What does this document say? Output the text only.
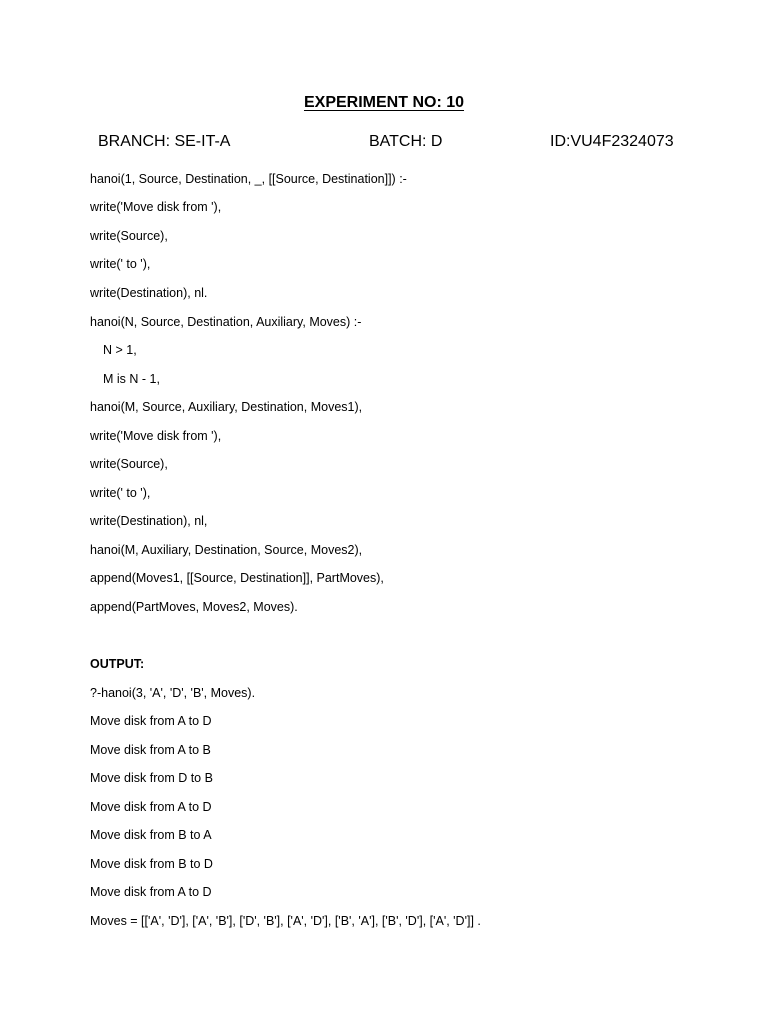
EXPERIMENT NO: 10
BRANCH: SE-IT-A	BATCH: D	ID:VU4F2324073
hanoi(1, Source, Destination, _, [[Source, Destination]]) :-
write('Move disk from '),
write(Source),
write(' to '),
write(Destination), nl.
hanoi(N, Source, Destination, Auxiliary, Moves) :-
N > 1,
M is N - 1,
hanoi(M, Source, Auxiliary, Destination, Moves1),
write('Move disk from '),
write(Source),
write(' to '),
write(Destination), nl,
hanoi(M, Auxiliary, Destination, Source, Moves2),
append(Moves1, [[Source, Destination]], PartMoves),
append(PartMoves, Moves2, Moves).
OUTPUT:
?-hanoi(3, 'A', 'D', 'B', Moves).
Move disk from A to D
Move disk from A to B
Move disk from D to B
Move disk from A to D
Move disk from B to A
Move disk from B to D
Move disk from A to D
Moves = [['A', 'D'], ['A', 'B'], ['D', 'B'], ['A', 'D'], ['B', 'A'], ['B', 'D'], ['A', 'D']] .
